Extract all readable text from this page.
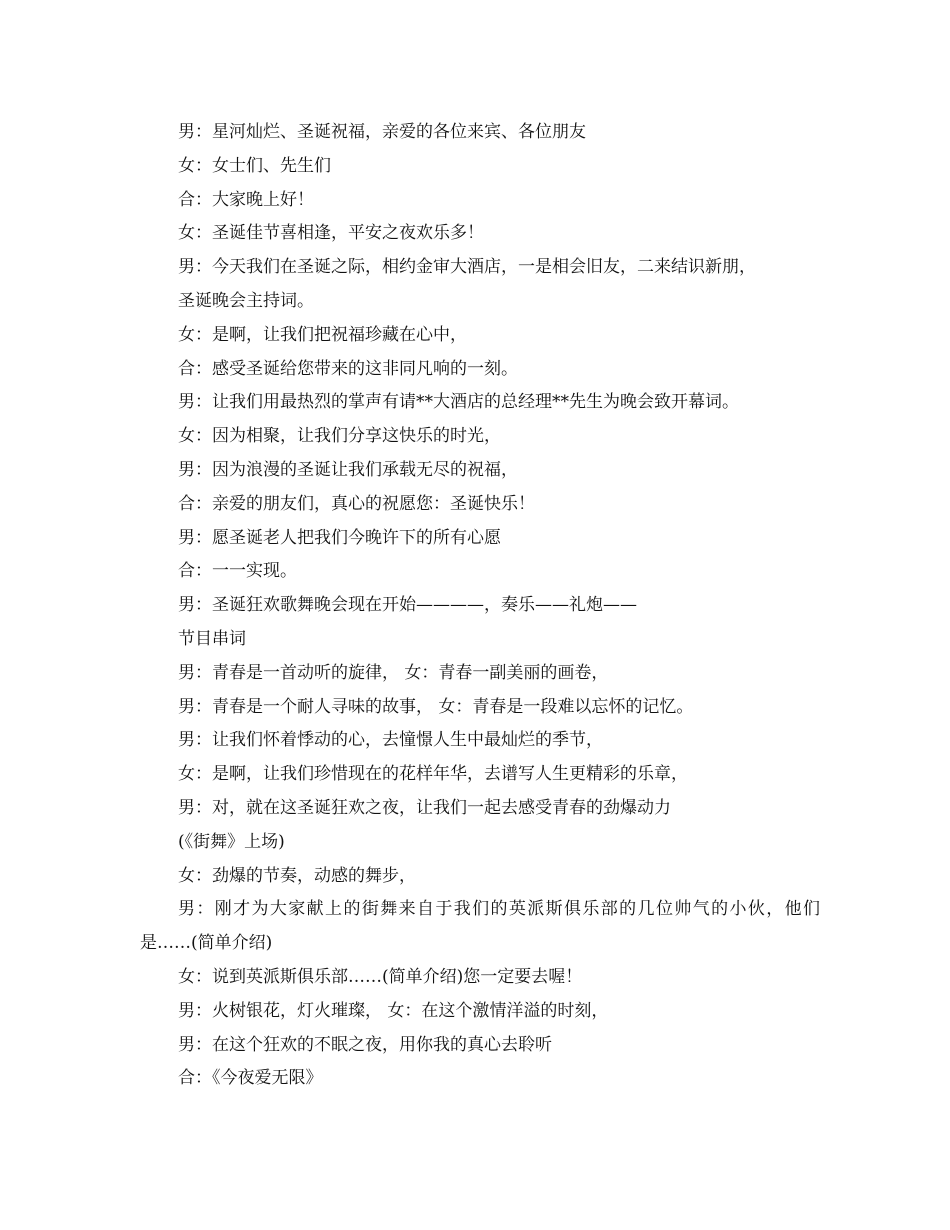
男：星河灿烂、圣诞祝福，亲爱的各位来宾、各位朋友
女：女士们、先生们
合：大家晚上好！
女：圣诞佳节喜相逢，平安之夜欢乐多！
男：今天我们在圣诞之际，相约金审大酒店，一是相会旧友，二来结识新朋，
圣诞晚会主持词。
女：是啊，让我们把祝福珍藏在心中，
合：感受圣诞给您带来的这非同凡响的一刻。
男：让我们用最热烈的掌声有请**大酒店的总经理**先生为晚会致开幕词。
女：因为相聚，让我们分享这快乐的时光，
男：因为浪漫的圣诞让我们承载无尽的祝福，
合：亲爱的朋友们，真心的祝愿您：圣诞快乐！
男：愿圣诞老人把我们今晚许下的所有心愿
合：一一实现。
男：圣诞狂欢歌舞晚会现在开始————，奏乐——礼炮——
节目串词
男：青春是一首动听的旋律， 女：青春一副美丽的画卷，
男：青春是一个耐人寻味的故事， 女：青春是一段难以忘怀的记忆。
男：让我们怀着悸动的心，去憧憬人生中最灿烂的季节，
女：是啊，让我们珍惜现在的花样年华，去谱写人生更精彩的乐章，
男：对，就在这圣诞狂欢之夜，让我们一起去感受青春的劲爆动力
(《街舞》上场)
女：劲爆的节奏，动感的舞步，
男：刚才为大家献上的街舞来自于我们的英派斯俱乐部的几位帅气的小伙，他们是……(简单介绍)
女：说到英派斯俱乐部……(简单介绍)您一定要去喔！
男：火树银花，灯火璀璨， 女：在这个激情洋溢的时刻，
男：在这个狂欢的不眠之夜，用你我的真心去聆听
合：《今夜爱无限》
